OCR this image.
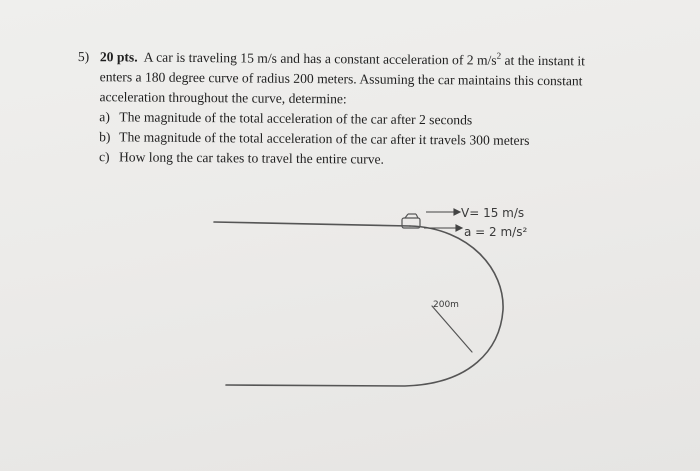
5) 20 pts. A car is traveling 15 m/s and has a constant acceleration of 2 $m/s^2$ at the instant it
enters a 180 degree curve of radius 200 meters. Assuming the car maintains this constant
acceleration throughout the curve, determine:
a) The magnitude of the total acceleration of the car after 2 seconds
b) The magnitude of the total acceleration of the car after it travels 300 meters
c) How long the car takes to travel the entire curve.
V= 15 m/s
a = 2 m/s²
200m
